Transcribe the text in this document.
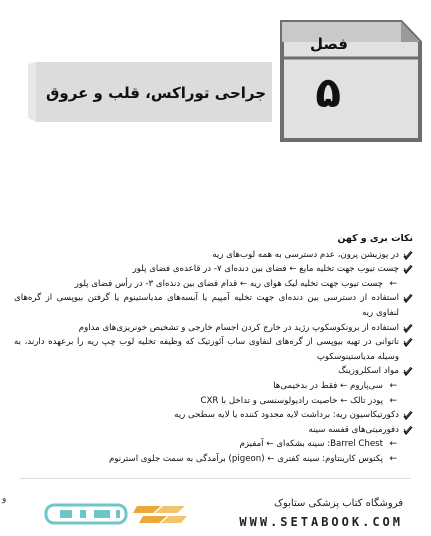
فصل
۵
جراحی توراکس، قلب و عروق
نکات بری و کهن
در پوزیشن پرون، عدم دسترسی به همه لوب‌های ریه
چست تیوب جهت تخلیه مایع ← فضای بین دنده‌ای ۷- در قاعده‌ی فضای پلور
←
چست تیوب جهت تخلیه لیک هوای ریه ← قدام فضای بین دنده‌ای ۳- در رأس فضای پلور
استفاده از دسترسی بین دنده‌ای جهت تخلیه آمپیم یا آبسه‌های مدیاستینوم یا گرفتن بیوپسی از گره‌های لنفاوی ریه
استفاده از برونکوسکوپ رژید در خارج کردن اجسام خارجی و تشخیص خونریزی‌های مداوم
ناتوانی در تهیه بیوپسی از گره‌های لنفاوی ساب آئورتیک که وظیفه تخلیه لوب چپ ریه را برعهده دارند، به وسیله مدیاستینوسکوپ
مواد اسکلروزینگ
←
سی‌پاروم ← فقط در بدخیمی‌ها
←
پودر تالک ← خاصیت رادیولوسنسی و تداخل با CXR
دکورتیکاسیون ریه: برداشت لایه محدود کننده یا لایه سطحی ریه
دفورمیتی‌های قفسه سینه
←
Barrel Chest: سینه بشکه‌ای ← آمفیزم
←
پکتوس کارینتاوم: سینه کفتری ← (pigeon) برآمدگی به سمت جلوی استرنوم
و	فروشگاه کتاب پزشکی ستابوک
WWW.SETABOOK.COM
